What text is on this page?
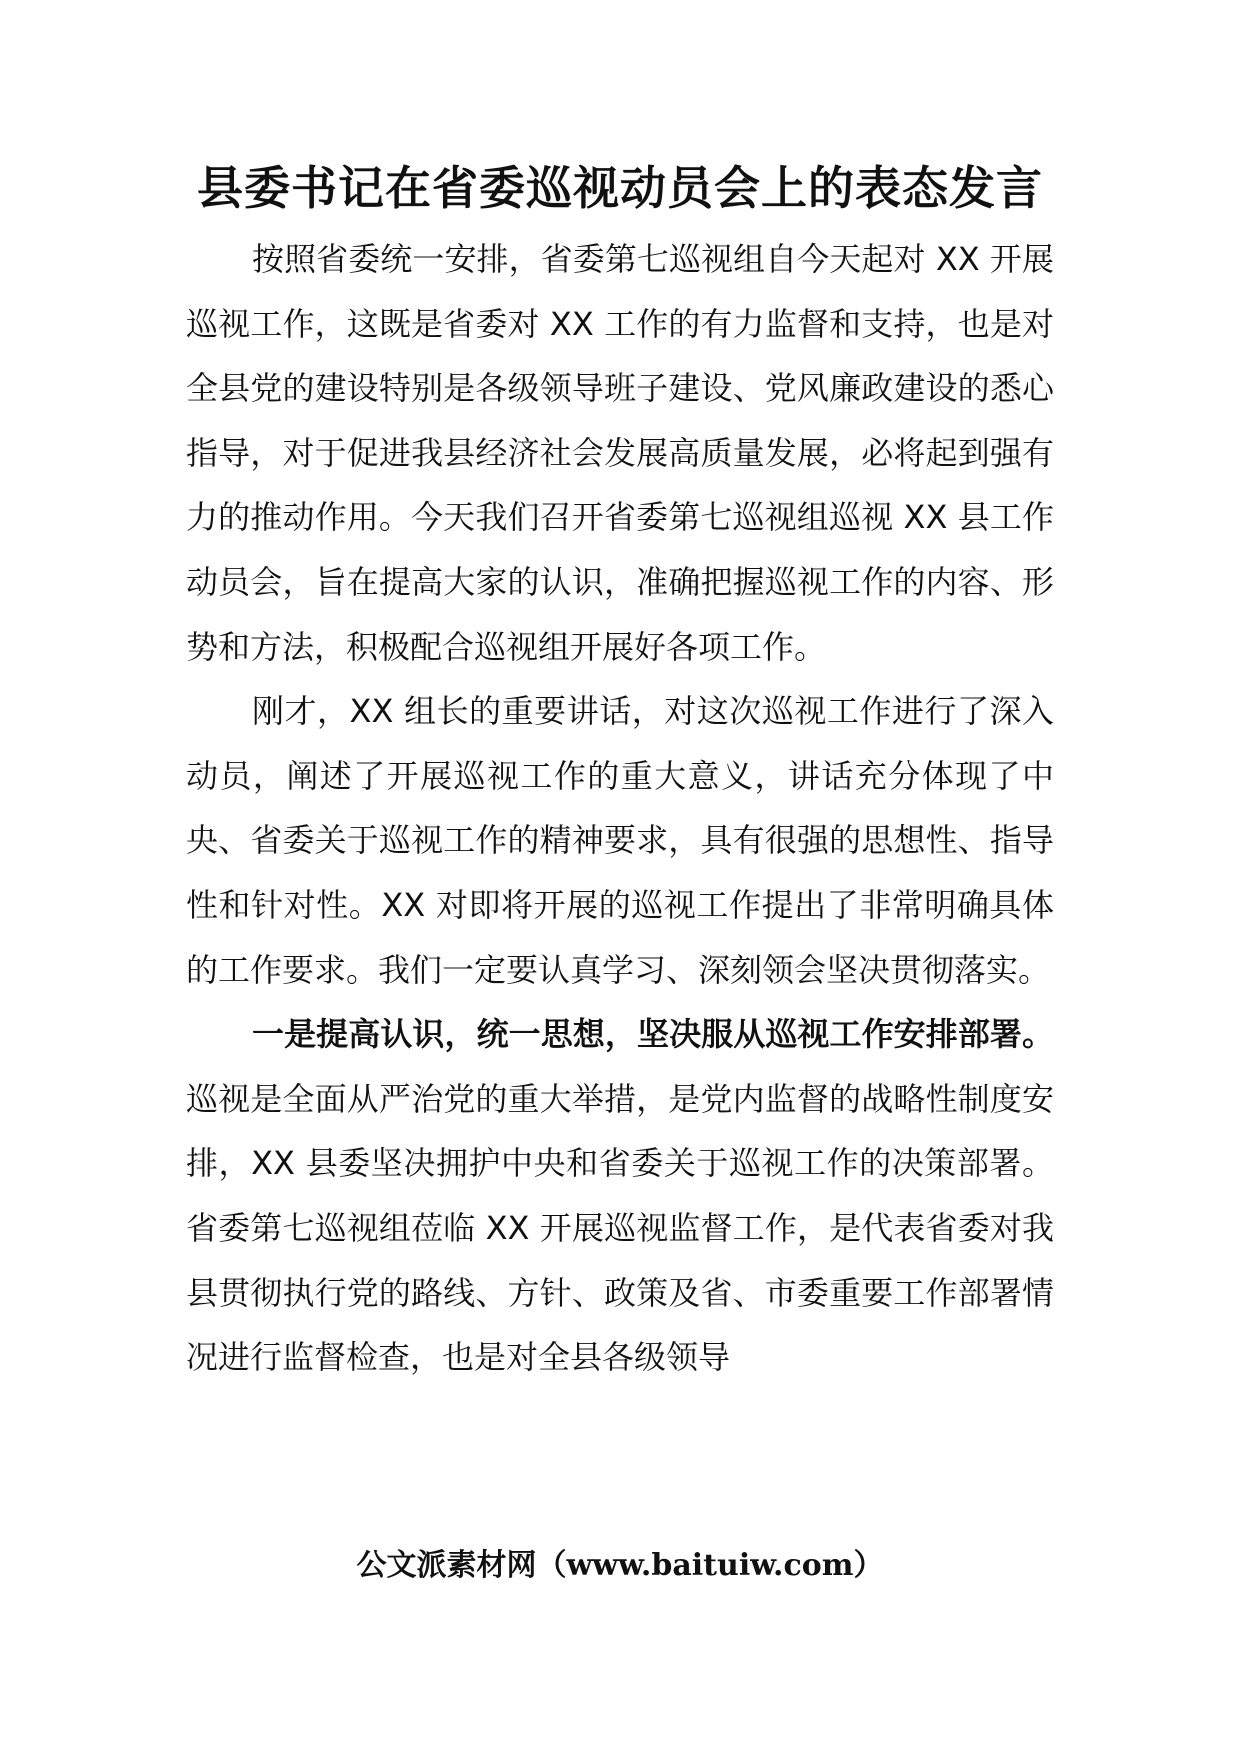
县委书记在省委巡视动员会上的表态发言

按照省委统一安排，省委第七巡视组自今天起对 XX 开展巡视工作，这既是省委对 XX 工作的有力监督和支持，也是对全县党的建设特别是各级领导班子建设、党风廉政建设的悉心指导，对于促进我县经济社会发展高质量发展，必将起到强有力的推动作用。今天我们召开省委第七巡视组巡视 XX 县工作动员会，旨在提高大家的认识，准确把握巡视工作的内容、形势和方法，积极配合巡视组开展好各项工作。

刚才，XX 组长的重要讲话，对这次巡视工作进行了深入动员，阐述了开展巡视工作的重大意义，讲话充分体现了中央、省委关于巡视工作的精神要求，具有很强的思想性、指导性和针对性。XX 对即将开展的巡视工作提出了非常明确具体的工作要求。我们一定要认真学习、深刻领会坚决贯彻落实。

一是提高认识，统一思想，坚决服从巡视工作安排部署。巡视是全面从严治党的重大举措，是党内监督的战略性制度安排，XX 县委坚决拥护中央和省委关于巡视工作的决策部署。省委第七巡视组莅临 XX 开展巡视监督工作，是代表省委对我县贯彻执行党的路线、方针、政策及省、市委重要工作部署情况进行监督检查，也是对全县各级领导

公文派素材网（www.baituiw.com）
